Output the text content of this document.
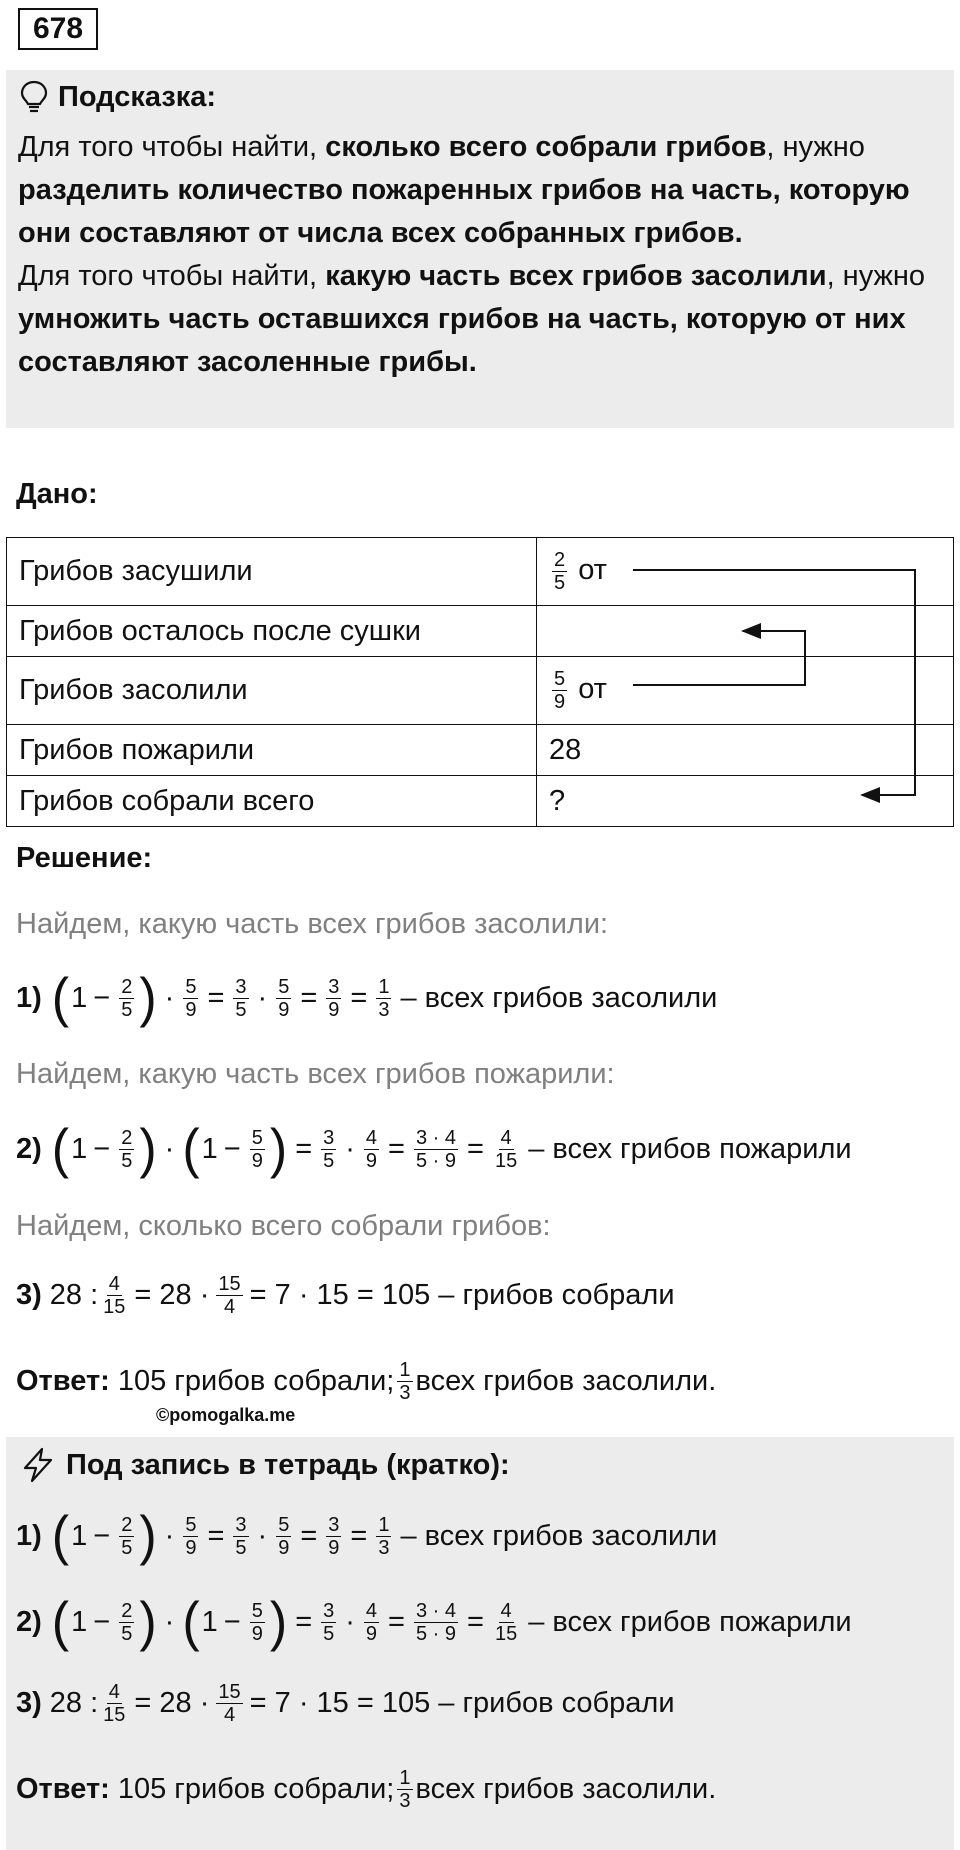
678
Подсказка:
Для того чтобы найти, сколько всего собрали грибов, нужно разделить количество пожаренных грибов на часть, которую они составляют от числа всех собранных грибов.
Для того чтобы найти, какую часть всех грибов засолили, нужно умножить часть оставшихся грибов на часть, которую от них составляют засоленные грибы.
Дано:
Грибов засушили	$\frac{2}{5}$ от
Грибов осталось после сушки	
Грибов засолили	$\frac{5}{9}$ от
Грибов пожарили	28
Грибов собрали всего	?
Решение:
Найдем, какую часть всех грибов засолили:
1) ( $1 - \frac{2}{5}$ ) · $\frac{5}{9} = \frac{3}{5} \cdot \frac{5}{9} = \frac{3}{9} = \frac{1}{3}$ – всех грибов засолили
Найдем, какую часть всех грибов пожарили:
2) ( $1 - \frac{2}{5}$ ) · ( $1 - \frac{5}{9}$ ) = $\frac{3}{5} \cdot \frac{4}{9} = \frac{3 \cdot 4}{5 \cdot 9} = \frac{4}{15}$ – всех грибов пожарили
Найдем, сколько всего собрали грибов:
3) 28 : $\frac{4}{15} = 28 \cdot \frac{15}{4} = 7 \cdot 15 = 105$ – грибов собрали
Ответ: 105 грибов собрали; $\frac{1}{3}$ всех грибов засолили.
©pomogalka.me
Под запись в тетрадь (кратко):
1) ( $1 - \frac{2}{5}$ ) · $\frac{5}{9} = \frac{3}{5} \cdot \frac{5}{9} = \frac{3}{9} = \frac{1}{3}$ – всех грибов засолили
2) ( $1 - \frac{2}{5}$ ) · ( $1 - \frac{5}{9}$ ) = $\frac{3}{5} \cdot \frac{4}{9} = \frac{3 \cdot 4}{5 \cdot 9} = \frac{4}{15}$ – всех грибов пожарили
3) 28 : $\frac{4}{15} = 28 \cdot \frac{15}{4} = 7 \cdot 15 = 105$ – грибов собрали
Ответ: 105 грибов собрали; $\frac{1}{3}$ всех грибов засолили.
